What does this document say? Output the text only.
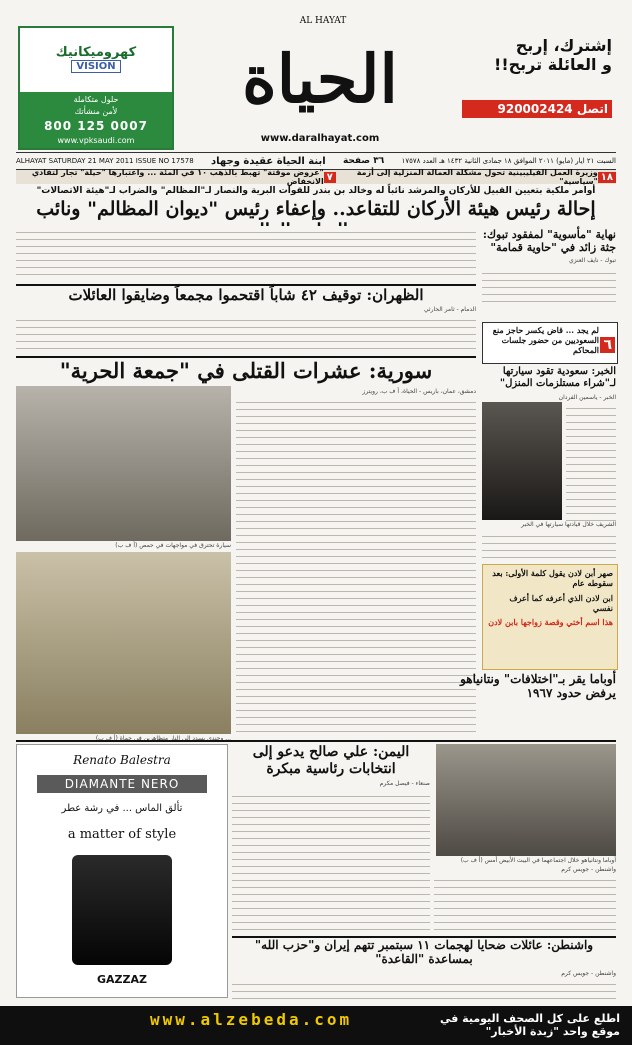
كهروميكانيك
VISION
حلول متكاملة
لأمن منشأتك
800 125 0007
www.vpksaudi.com
AL HAYAT
الحياة
www.daralhayat.com
إشترك، إربح
و العائلة تربح!!
اتصل 920002424
ALHAYAT SATURDAY 21 MAY 2011 ISSUE NO 17578 ابنة الحياة عقيدة وجهاد ٣٦ صفحة السبت ٢١ ايار (مايو) ٢٠١١ الموافق ١٨ جمادى الثانية ١٤٣٢ هـ العدد ١٧٥٧٨
١٨
وزيرة العمل الفيليبينية تحول مشكلة العمالة المنزلية إلى أزمة "سياسية"
٧
"عروض موقتة" تهبط بالذهب ١٠ في المئة ... واعتبارها "حيلة" تجار لتفادي الانخفاض
أوامر ملكية بتعيين القبيل للأركان والمرشد نائباً له وخالد بن بندر للقوات البرية والنصار لـ"المظالم" والضراب لـ"هيئة الاتصالات"
إحالة رئيس هيئة الأركان للتقاعد.. وإعفاء رئيس "ديوان المظالم" ونائب
نهاية "مأسوية" لمفقود تبوك: جثة زائد في "حاوية قمامة"
تبوك - نايف العنزي
الظهران: توقيف ٤٢ شاباً اقتحموا مجمعاً وضايقوا العائلات
الدمام - ثامر الحارثي
لم يجد ... قاض يكسر حاجز منع السعوديين من حضور جلسات المحاكم ٦
سورية: عشرات القتلى في "جمعة الحرية"
سيارة تحترق في مواجهات في حمص (أ ف ب)
... وجندي يسدد إلى النار متظاهرين في حماة (أ ف ب)
دمشق، عمان، باريس - الحياة، أ ف ب، رويترز
الخبر: سعودية تقود سيارتها لـ"شراء مستلزمات المنزل"
الخبر - ياسمين الفردان
الشريف خلال قيادتها سيارتها في الخبر
صهر أبن لادن يقول كلمة الأولى: بعد سقوطه عام
ابن لادن الذي أعرفه كما أعرف نفسي
هذا اسم أختي وقصة زواجها بابن لادن
أوباما يقر بـ"اختلافات" ونتانياهو يرفض حدود ١٩٦٧
أوباما ونتانياهو خلال اجتماعهما في البيت الأبيض أمس (أ ف ب)
واشنطن - جويس كرم
اليمن: علي صالح يدعو إلى انتخابات رئاسية مبكرة
صنعاء - فيصل مكرم
Renato Balestra
DIAMANTE NERO
تألق الماس ... في رشة عطر
a matter of style
GAZZAZ
واشنطن: عائلات ضحايا لهجمات ١١ سبتمبر تتهم إيران و"حزب الله" بمساعدة "القاعدة"
واشنطن - جويس كرم
www.alzebeda.com	اطلع على كل الصحف اليومية في موقع واحد "زبدة الأخبار"
